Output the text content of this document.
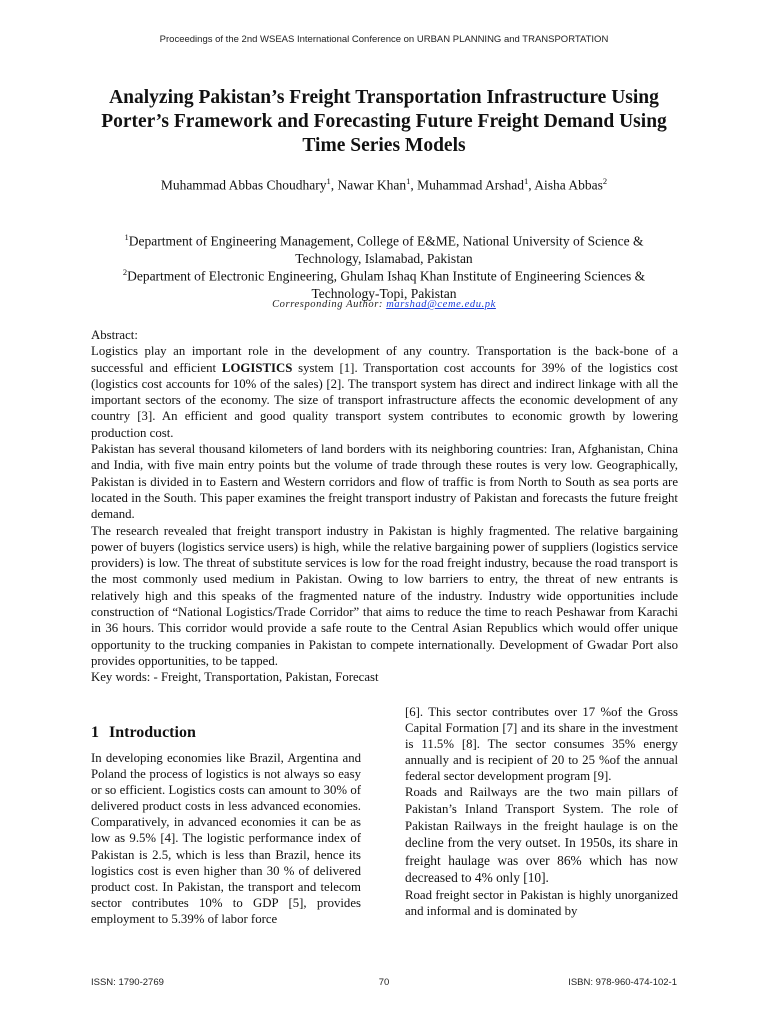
Proceedings of the 2nd WSEAS International Conference on URBAN PLANNING and TRANSPORTATION
Analyzing Pakistan’s Freight Transportation Infrastructure Using
Porter’s Framework and Forecasting Future Freight Demand Using
Time Series Models
Muhammad Abbas Choudhary$^1$, Nawar Khan$^1$, Muhammad Arshad$^1$, Aisha Abbas$^2$
$^1$Department of Engineering Management, College of E&ME, National University of Science &
Technology, Islamabad, Pakistan
$^2$Department of Electronic Engineering, Ghulam Ishaq Khan Institute of Engineering Sciences &
Technology-Topi, Pakistan
Corresponding Author: marshad@ceme.edu.pk
Abstract:

Logistics play an important role in the development of any country. Transportation is the back-bone of a successful and efficient LOGISTICS system [1]. Transportation cost accounts for 39% of the logistics cost (logistics cost accounts for 10% of the sales) [2]. The transport system has direct and indirect linkage with all the important sectors of the economy. The size of transport infrastructure affects the economic development of any country [3]. An efficient and good quality transport system contributes to economic growth by lowering production cost.

Pakistan has several thousand kilometers of land borders with its neighboring countries: Iran, Afghanistan, China and India, with five main entry points but the volume of trade through these routes is very low. Geographically, Pakistan is divided in to Eastern and Western corridors and flow of traffic is from North to South as sea ports are located in the South. This paper examines the freight transport industry of Pakistan and forecasts the future freight demand.

The research revealed that freight transport industry in Pakistan is highly fragmented. The relative bargaining power of buyers (logistics service users) is high, while the relative bargaining power of suppliers (logistics service providers) is low. The threat of substitute services is low for the road freight industry, because the road transport is the most commonly used medium in Pakistan. Owing to low barriers to entry, the threat of new entrants is relatively high and this speaks of the fragmented nature of the industry. Industry wide opportunities include construction of “National Logistics/Trade Corridor” that aims to reduce the time to reach Peshawar from Karachi in 36 hours. This corridor would provide a safe route to the Central Asian Republics which would offer unique opportunity to the trucking companies in Pakistan to compete internationally. Development of Gwadar Port also provides opportunities, to be tapped.

Key words: - Freight, Transportation, Pakistan, Forecast

1 Introduction

In developing economies like Brazil, Argentina and Poland the process of logistics is not always so easy or so efficient. Logistics costs can amount to 30% of delivered product costs in less advanced economies. Comparatively, in advanced economies it can be as low as 9.5% [4]. The logistic performance index of Pakistan is 2.5, which is less than Brazil, hence its logistics cost is even higher than 30 % of delivered product cost. In Pakistan, the transport and telecom sector contributes 10% to GDP [5], provides employment to 5.39% of labor force

[6]. This sector contributes over 17 %of the Gross Capital Formation [7] and its share in the investment is 11.5% [8]. The sector consumes 35% energy annually and is recipient of 20 to 25 %of the annual federal sector development program [9].

Roads and Railways are the two main pillars of Pakistan’s Inland Transport System. The role of Pakistan Railways in the freight haulage is on the decline from the very outset. In 1950s, its share in freight haulage was over 86% which has now decreased to 4% only [10].

Road freight sector in Pakistan is highly unorganized and informal and is dominated by

ISSN: 1790-2769	70	ISBN: 978-960-474-102-1
